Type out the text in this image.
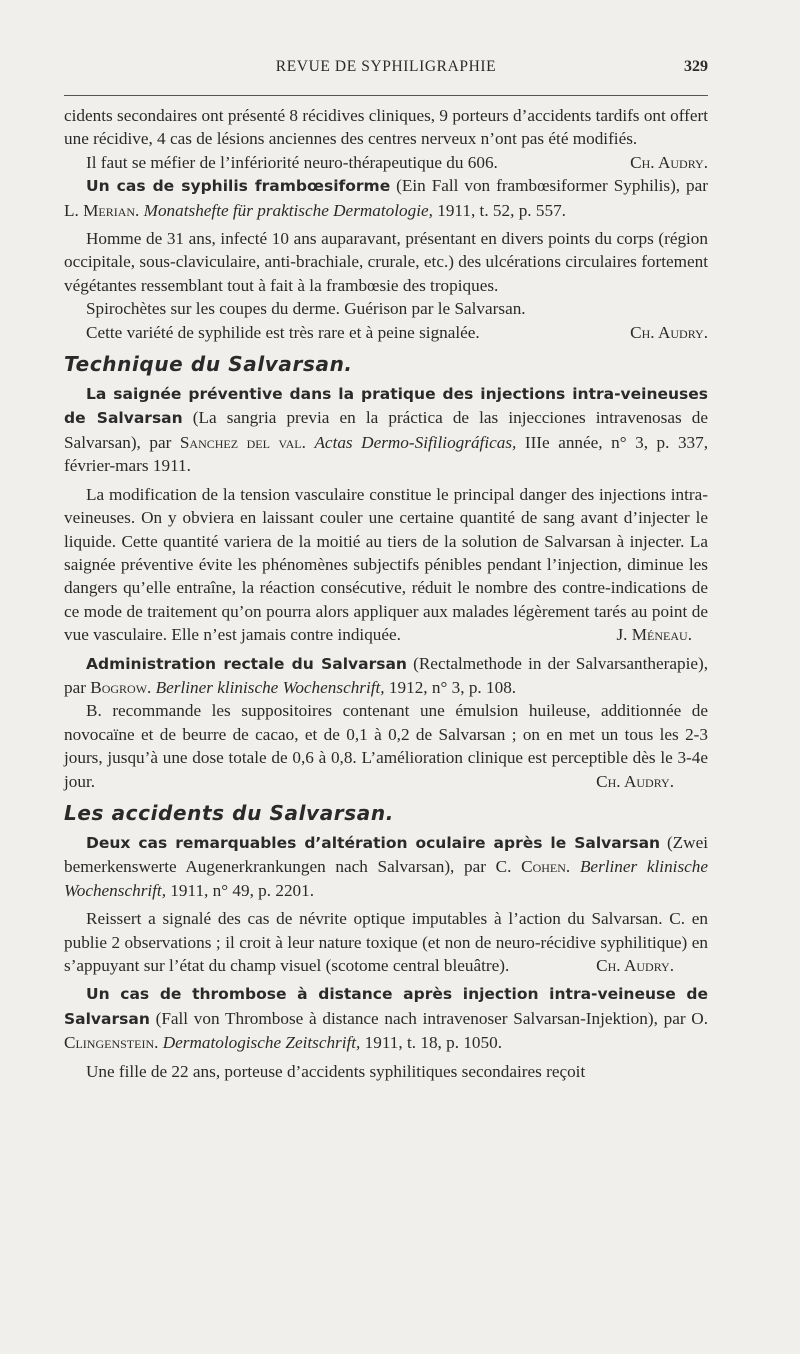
REVUE DE SYPHILIGRAPHIE	329

cidents secondaires ont présenté 8 récidives cliniques, 9 porteurs d’accidents tardifs ont offert une récidive, 4 cas de lésions anciennes des centres nerveux n’ont pas été modifiés.

Il faut se méfier de l’infériorité neuro-thérapeutique du 606.	Ch. Audry.

Un cas de syphilis frambœsiforme (Ein Fall von frambœsiformer Syphilis), par L. Merian. Monatshefte für praktische Dermatologie, 1911, t. 52, p. 557.

Homme de 31 ans, infecté 10 ans auparavant, présentant en divers points du corps (région occipitale, sous-claviculaire, anti-brachiale, crurale, etc.) des ulcérations circulaires fortement végétantes ressemblant tout à fait à la frambœsie des tropiques.

Spirochètes sur les coupes du derme. Guérison par le Salvarsan.

Cette variété de syphilide est très rare et à peine signalée.	Ch. Audry.

Technique du Salvarsan.

La saignée préventive dans la pratique des injections intra-veineuses de Salvarsan (La sangria previa en la práctica de las injecciones intravenosas de Salvarsan), par Sanchez del val. Actas Dermo-Sifiliográficas, IIIe année, n° 3, p. 337, février-mars 1911.

La modification de la tension vasculaire constitue le principal danger des injections intra-veineuses. On y obviera en laissant couler une certaine quantité de sang avant d’injecter le liquide. Cette quantité variera de la moitié au tiers de la solution de Salvarsan à injecter. La saignée préventive évite les phénomènes subjectifs pénibles pendant l’injection, diminue les dangers qu’elle entraîne, la réaction consécutive, réduit le nombre des contre-indications de ce mode de traitement qu’on pourra alors appliquer aux malades légèrement tarés au point de vue vasculaire. Elle n’est jamais contre indiquée.	J. Méneau.

Administration rectale du Salvarsan (Rectalmethode in der Salvarsantherapie), par Bogrow. Berliner klinische Wochenschrift, 1912, n° 3, p. 108.

B. recommande les suppositoires contenant une émulsion huileuse, additionnée de novocaïne et de beurre de cacao, et de 0,1 à 0,2 de Salvarsan ; on en met un tous les 2-3 jours, jusqu’à une dose totale de 0,6 à 0,8. L’amélioration clinique est perceptible dès le 3-4e jour.	Ch. Audry.

Les accidents du Salvarsan.

Deux cas remarquables d’altération oculaire après le Salvarsan (Zwei bemerkenswerte Augenerkrankungen nach Salvarsan), par C. Cohen. Berliner klinische Wochenschrift, 1911, n° 49, p. 2201.

Reissert a signalé des cas de névrite optique imputables à l’action du Salvarsan. C. en publie 2 observations ; il croit à leur nature toxique (et non de neuro-récidive syphilitique) en s’appuyant sur l’état du champ visuel (scotome central bleuâtre).	Ch. Audry.

Un cas de thrombose à distance après injection intra-veineuse de Salvarsan (Fall von Thrombose à distance nach intravenoser Salvarsan-Injektion), par O. Clingenstein. Dermatologische Zeitschrift, 1911, t. 18, p. 1050.

Une fille de 22 ans, porteuse d’accidents syphilitiques secondaires reçoit
